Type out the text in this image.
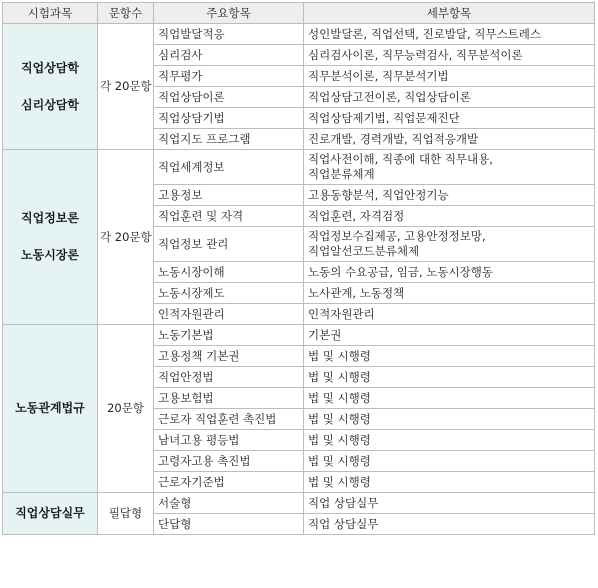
시험과목	문항수	주요항목	세부항목

직업상담학
심리상담학	각 20문항	직업발달적응	성인발달론, 직업선택, 진로발달, 직무스트레스
		심리검사	심리검사이론, 직무능력검사, 직무분석이론
		직무평가	직무분석이론, 직무분석기법
		직업상담이론	직업상담고전이론, 직업상담이론
		직업상담기법	직업상담제기법, 직업문제진단
		직업지도 프로그램	진로개발, 경력개발, 직업적응개발

직업정보론
노동시장론	각 20문항	직업세계정보	직업사전이해, 직종에 대한 직무내용,
직업분류체계
		고용정보	고용동향분석, 직업안정기능
		직업훈련 및 자격	직업훈련, 자격검정
		직업정보 관리	직업정보수집제공, 고용안정정보망,
직업알선코드분류체제
		노동시장이해	노동의 수요공급, 임금, 노동시장행동
		노동시장제도	노사관계, 노동정책
		인적자원관리	인적자원관리

노동관계법규	20문항	노동기본법	기본권
		고용정책 기본권	법 및 시행령
		직업안정법	법 및 시행령
		고용보험법	법 및 시행령
		근로자 직업훈련 촉진법	법 및 시행령
		남녀고용 평등법	법 및 시행령
		고령자고용 촉진법	법 및 시행령
		근로자기준법	법 및 시행령

직업상담실무	필답형	서술형	직업 상담실무
		단답형	직업 상담실무
